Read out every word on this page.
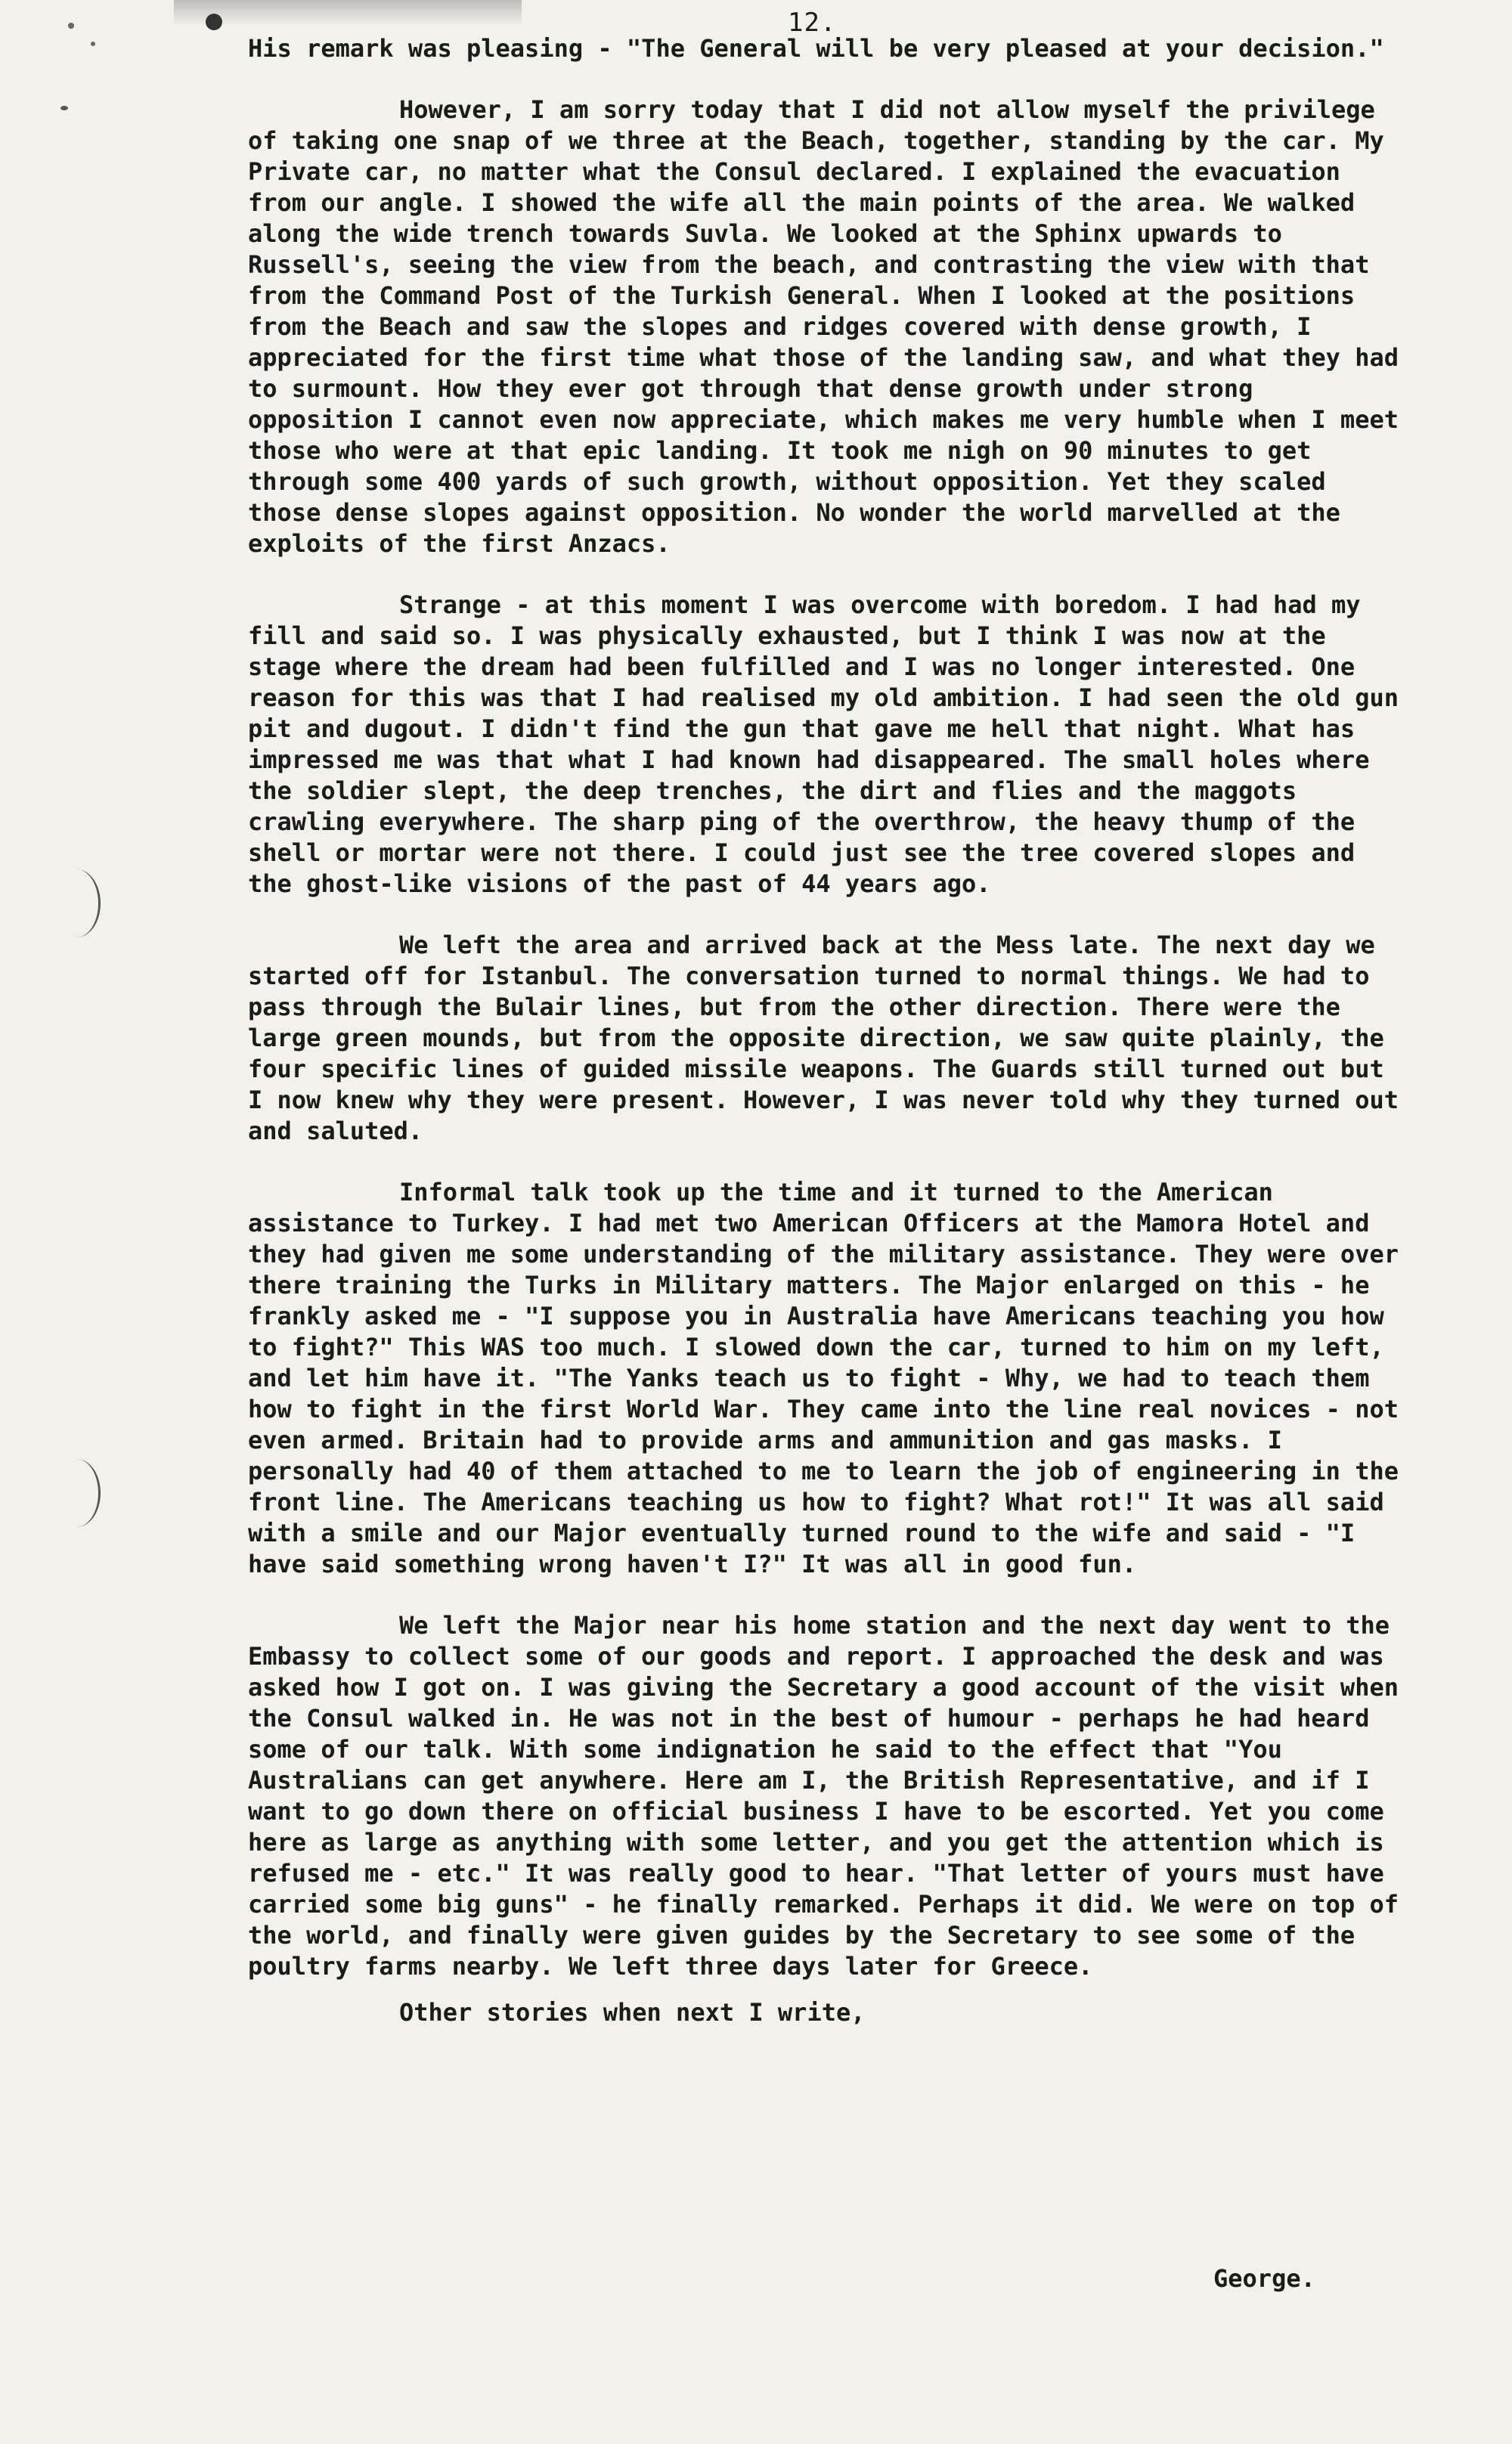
12.

His remark was pleasing - "The General will be very pleased at your decision."

However, I am sorry today that I did not allow myself the privilege of taking one snap of we three at the Beach, together, standing by the car. My Private car, no matter what the Consul declared. I explained the evacuation from our angle. I showed the wife all the main points of the area. We walked along the wide trench towards Suvla. We looked at the Sphinx upwards to Russell's, seeing the view from the beach, and contrasting the view with that from the Command Post of the Turkish General. When I looked at the positions from the Beach and saw the slopes and ridges covered with dense growth, I appreciated for the first time what those of the landing saw, and what they had to surmount. How they ever got through that dense growth under strong opposition I cannot even now appreciate, which makes me very humble when I meet those who were at that epic landing. It took me nigh on 90 minutes to get through some 400 yards of such growth, without opposition. Yet they scaled those dense slopes against opposition. No wonder the world marvelled at the exploits of the first Anzacs.

Strange - at this moment I was overcome with boredom. I had had my fill and said so. I was physically exhausted, but I think I was now at the stage where the dream had been fulfilled and I was no longer interested. One reason for this was that I had realised my old ambition. I had seen the old gun pit and dugout. I didn't find the gun that gave me hell that night. What has impressed me was that what I had known had disappeared. The small holes where the soldier slept, the deep trenches, the dirt and flies and the maggots crawling everywhere. The sharp ping of the overthrow, the heavy thump of the shell or mortar were not there. I could just see the tree covered slopes and the ghost-like visions of the past of 44 years ago.

We left the area and arrived back at the Mess late. The next day we started off for Istanbul. The conversation turned to normal things. We had to pass through the Bulair lines, but from the other direction. There were the large green mounds, but from the opposite direction, we saw quite plainly, the four specific lines of guided missile weapons. The Guards still turned out but I now knew why they were present. However, I was never told why they turned out and saluted.

Informal talk took up the time and it turned to the American assistance to Turkey. I had met two American Officers at the Mamora Hotel and they had given me some understanding of the military assistance. They were over there training the Turks in Military matters. The Major enlarged on this - he frankly asked me - "I suppose you in Australia have Americans teaching you how to fight?" This WAS too much. I slowed down the car, turned to him on my left, and let him have it. "The Yanks teach us to fight - Why, we had to teach them how to fight in the first World War. They came into the line real novices - not even armed. Britain had to provide arms and ammunition and gas masks. I personally had 40 of them attached to me to learn the job of engineering in the front line. The Americans teaching us how to fight? What rot!" It was all said with a smile and our Major eventually turned round to the wife and said - "I have said something wrong haven't I?" It was all in good fun.

We left the Major near his home station and the next day went to the Embassy to collect some of our goods and report. I approached the desk and was asked how I got on. I was giving the Secretary a good account of the visit when the Consul walked in. He was not in the best of humour - perhaps he had heard some of our talk. With some indignation he said to the effect that "You Australians can get anywhere. Here am I, the British Representative, and if I want to go down there on official business I have to be escorted. Yet you come here as large as anything with some letter, and you get the attention which is refused me - etc." It was really good to hear. "That letter of yours must have carried some big guns" - he finally remarked. Perhaps it did. We were on top of the world, and finally were given guides by the Secretary to see some of the poultry farms nearby. We left three days later for Greece.

Other stories when next I write,

George.
